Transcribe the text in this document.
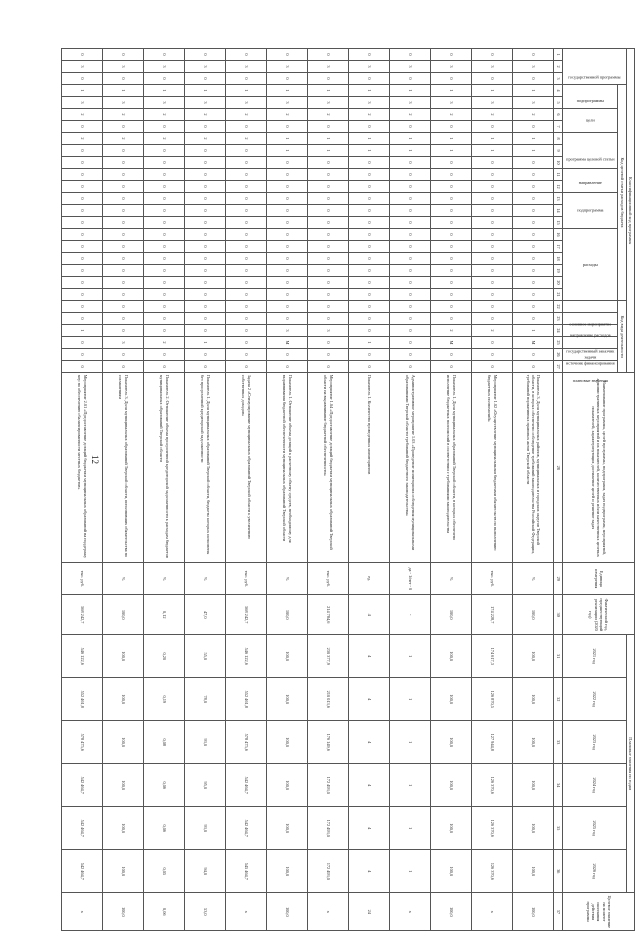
12
Классификационный код программы																											Наименование программы, целей программы, подпрограмм, задач подпрограмм, мероприятий, административных мероприятий и их показателей, количественных и/или качественных целевых показателей, характеризующих достижение целей и решение задач	Единица измерения	Фактический год, предшествующий реализации (2020 год)	Плановые значения по годам						Целевое значение на момент окончания действия программы	
государственной программы			Код целевой статьи расходов бюджета																		Код вида деятельности									2021 год	2022 год	2023 год	2024 год	2025 год	2026 год		
			подпрограммы		цели		программа целевой статьи			направление		подпрограмма			расходы						основное мероприятие	направление расходов	государственный заказчик	источник финансирования	задачи	плановые значения											
1	2	3	4	5	6	7	8	9	10	11	12	13	14	15	16	17	18	19	20	21	22	23	24	25	26	27	28	29	30	31	32	33	34	35	36	37	
0	3	0	1	3	2	0	1	1	0	0	0	0	0	0	0	0	0	0	0	0	0	0	1	М	0	0	Показатель 3. Доля муниципальных районов, муниципальных и городских округов Тверской области, в которых обеспечено соблюдение требований законодательства Российской Федерации, требований нормативных правовых актов Тверской области	%	100,0	100,0	100,0	100,0	100,0	100,0	100,0	100,0	
0	3	0	1	3	2	0	1	1	0	0	0	0	0	0	0	0	0	0	0	0	0	0	2	0	0	0	Мероприятие 1.02 «Осуществление муниципальными бюджетами обязательств по выполнению бюджетных полномочий»	тыс. руб.	174 228,7	174 617,3	126 870,5	127 944,8	126 370,6	126 370,6	126 370,6	х	
0	3	0	1	3	2	0	1	1	0	0	0	0	0	0	0	0	0	0	0	0	0	0	2	М	0	0	Показатель 1. Доля муниципальных образований Тверской области, в которых обеспечено исполнение бюджетных полномочий в соответствии с требованиями законодательства	%	100,0	100,0	100,0	100,0	100,0	100,0	100,0	100,0	
0	3	0	1	3	2	0	1	1	0	0	0	0	0	0	0	0	0	0	0	0	0	0	0	0	0	0	Административное мероприятие 1.03 «Проведение мониторинга соблюдения муниципальными образованиями Тверской области требований бюджетного законодательства»	да - 1/нет - 0	-	1	1	1	1	1	1	х	
0	3	0	1	3	2	0	1	1	0	0	0	0	0	0	0	0	0	0	0	0	0	0	0	1	0	0	Показатель 1. Количество проведенных мониторингов	ед.	4	4	4	4	4	4	4	24	
0	3	0	1	3	2	0	1	1	0	0	0	0	0	0	0	0	0	0	0	0	0	0	3	0	0	0	Мероприятие 1.04 «Предоставление дотаций бюджетам муниципальных образований Тверской области на выравнивание бюджетной обеспеченности»	тыс. руб.	214 784,6	230 377,9	210 013,6	176 149,6	172 493,0	172 493,0	172 493,0	х	
0	3	0	1	3	2	0	1	1	0	0	0	0	0	0	0	0	0	0	0	0	0	0	3	М	0	0	Показатель 1. Отношение объема дотаций к расчетному объему средств, необходимому для выравнивания бюджетной обеспеченности муниципальных образований Тверской области	%	100,0	100,0	100,0	100,0	100,0	100,0	100,0	100,0	
0	3	0	1	3	2	0	2	0	0	0	0	0	0	0	0	0	0	0	0	0	0	0	0	0	0	0	Задача 2 «Стимулирование муниципальных образований Тверской области к увеличению собственных доходов»	тыс. руб.	568 242,7	546 122,6	552 461,8	578 475,6	542 464,7	542 464,7	545 464,7	х	
0	3	0	1	3	2	0	2	0	0	0	0	0	0	0	0	0	0	0	0	0	0	0	0	1	0	0	Показатель 1. Доля муниципальных образований Тверской области, бюджеты которых исполнены без просроченной кредиторской задолженности	%	47,0	55,0	78,0	93,0	95,0	93,0	94,0	53,0	
0	3	0	1	3	2	0	2	0	0	0	0	0	0	0	0	0	0	0	0	0	0	0	0	2	0	0	Показатель 2. Отношение объема просроченной кредиторской задолженности к расходам бюджетов муниципальных образований Тверской области	%	0,12	0,20	0,19	0,08	0,06	0,06	0,05	0,06	
0	3	0	1	3	2	0	2	0	0	0	0	0	0	0	0	0	0	0	0	0	0	0	0	3	0	0	Показатель 3. Доля муниципальных образований Тверской области, исполнивших обязательства по соглашениям	%	100,0	100,0	100,0	100,0	100,0	100,0	100,0	100,0	
0	3	0	1	3	2	0	2	0	0	0	0	0	0	0	0	0	0	0	0	0	0	0	1	0	0	0	Мероприятие 2.01 «Предоставление дотаций бюджетам муниципальных образований на поддержку мер по обеспечению сбалансированности местных бюджетов»	тыс. руб.	568 242,7	546 122,6	552 461,8	578 475,6	542 464,7	542 464,7	542 464,7	х	
